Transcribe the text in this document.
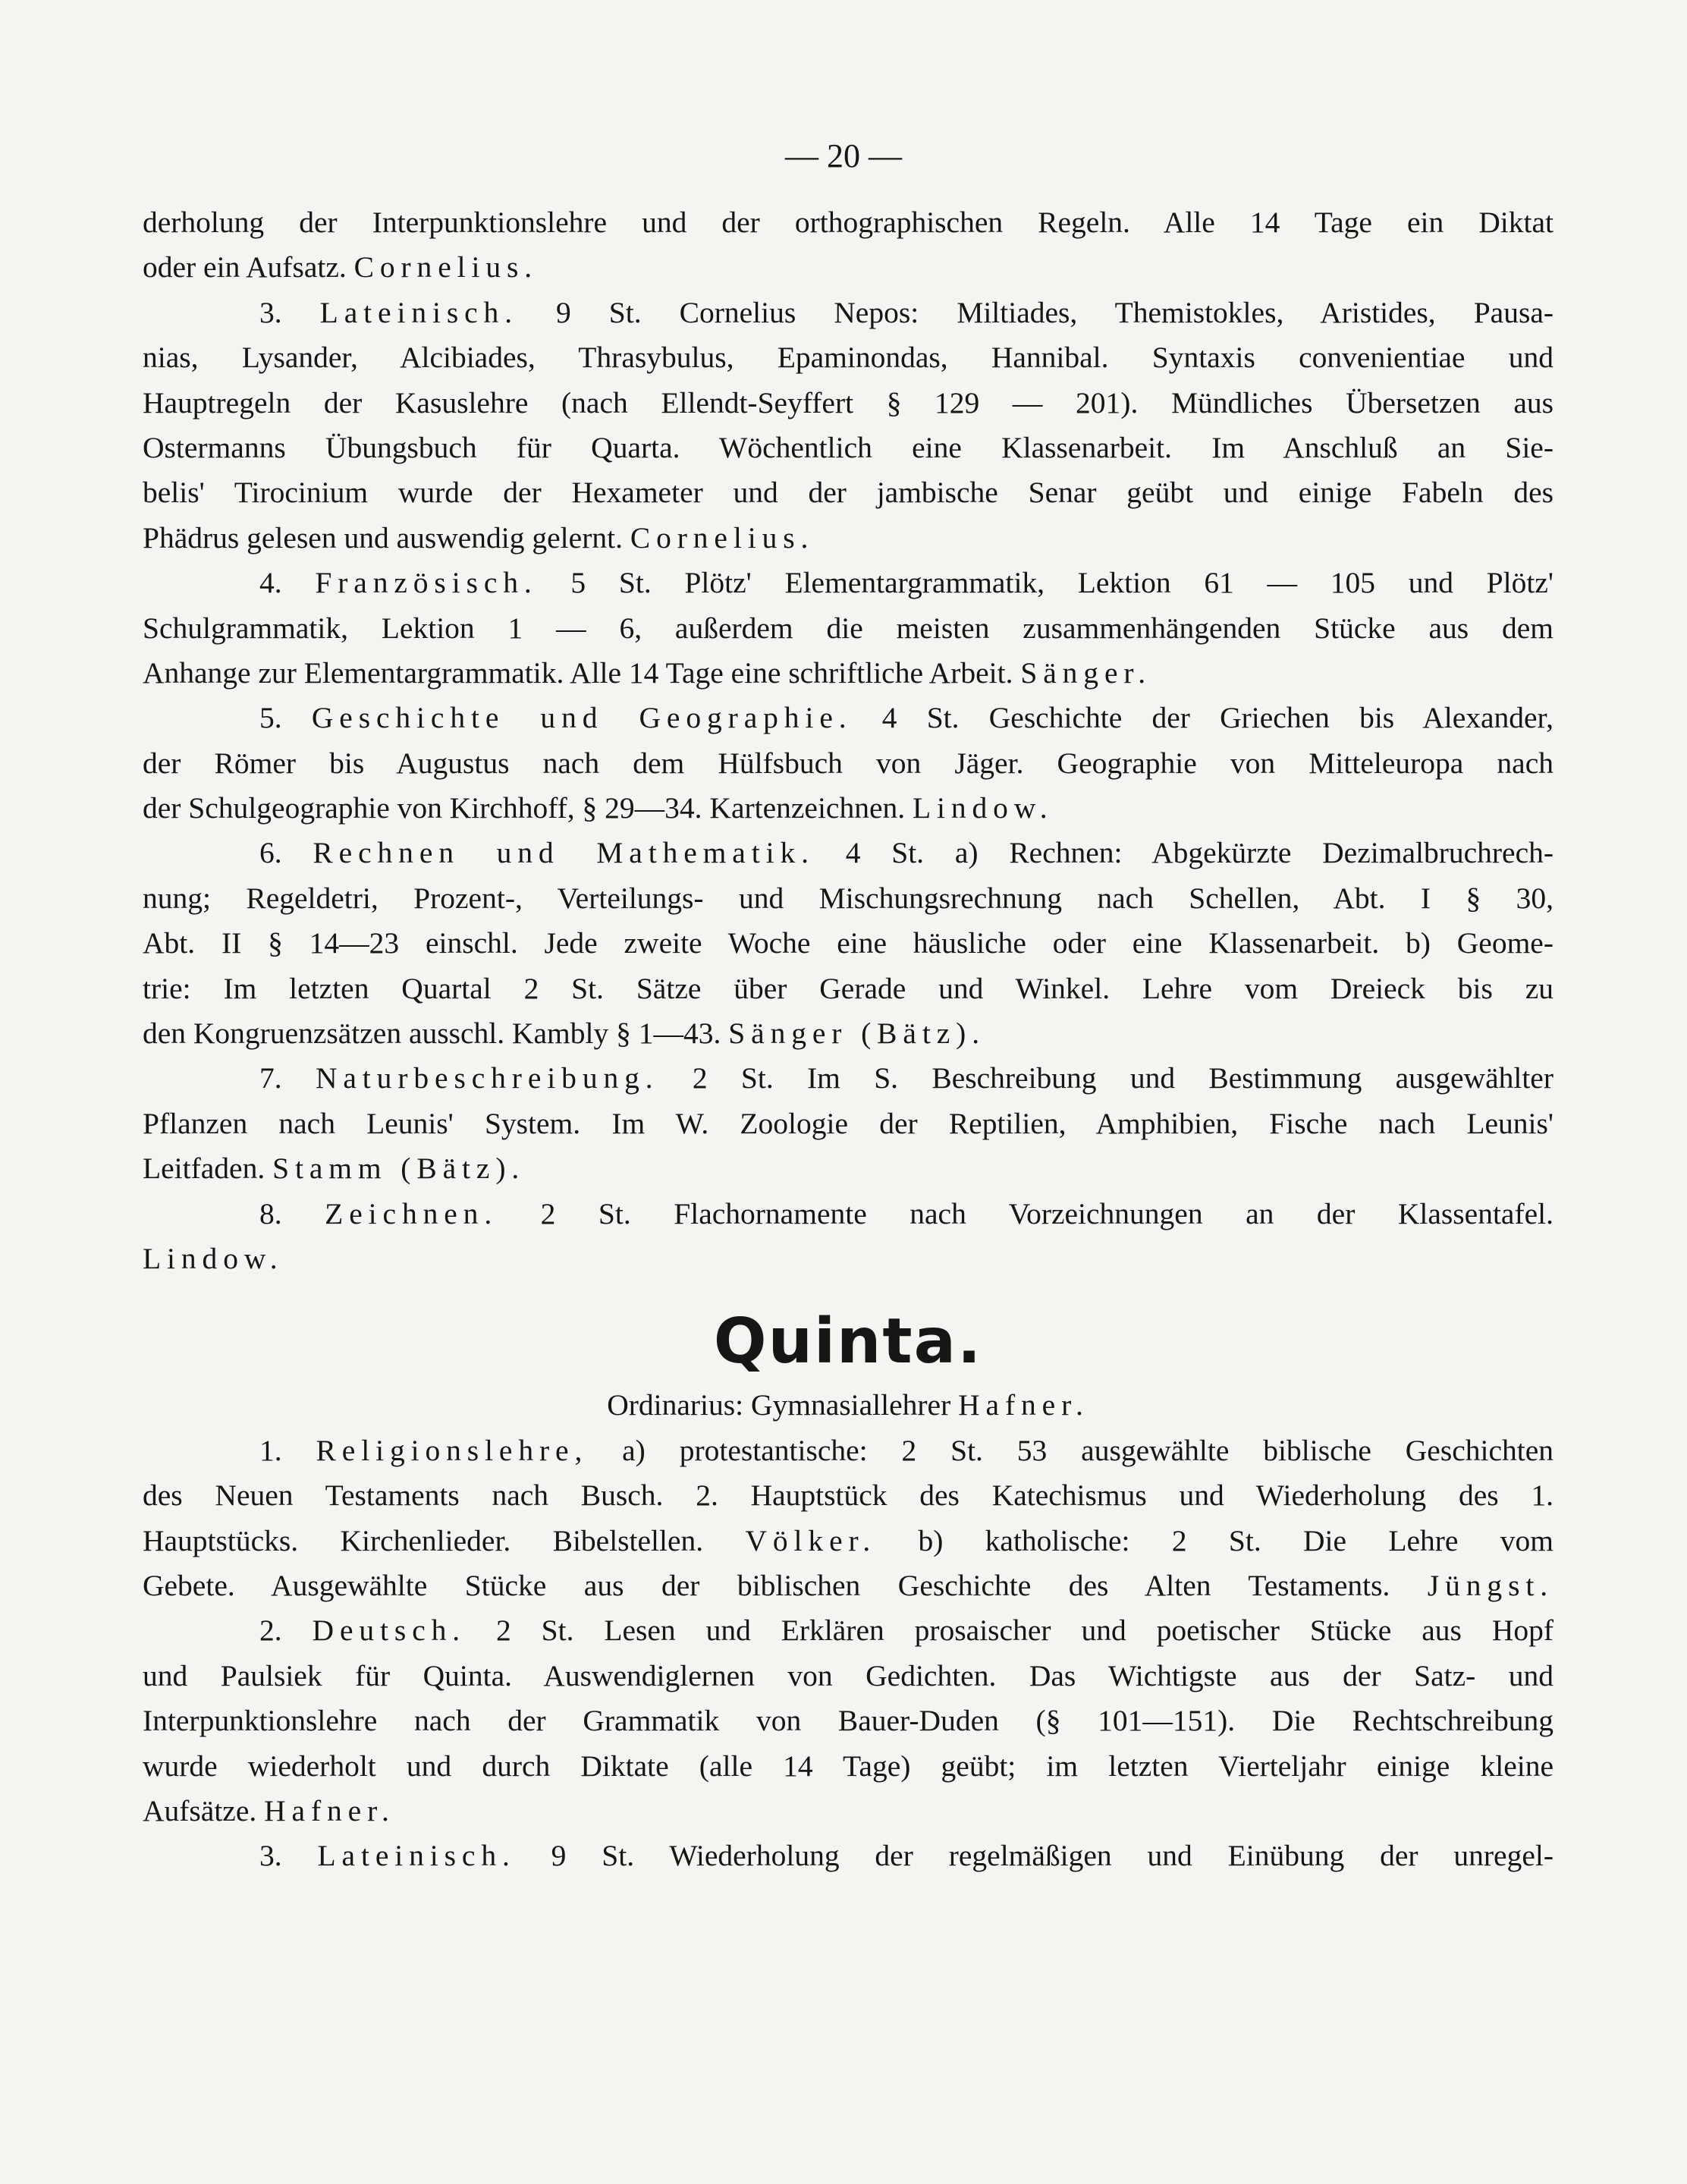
— 20 —
derholung der Interpunktionslehre und der orthographischen Regeln. Alle 14 Tage ein Diktat
oder ein Aufsatz. Cornelius.
3. Lateinisch. 9 St. Cornelius Nepos: Miltiades, Themistokles, Aristides, Pausa-
nias, Lysander, Alcibiades, Thrasybulus, Epaminondas, Hannibal. Syntaxis convenientiae und
Hauptregeln der Kasuslehre (nach Ellendt-Seyffert § 129 — 201). Mündliches Übersetzen aus
Ostermanns Übungsbuch für Quarta. Wöchentlich eine Klassenarbeit. Im Anschluß an Sie-
belis' Tirocinium wurde der Hexameter und der jambische Senar geübt und einige Fabeln des
Phädrus gelesen und auswendig gelernt. Cornelius.
4. Französisch. 5 St. Plötz' Elementargrammatik, Lektion 61 — 105 und Plötz'
Schulgrammatik, Lektion 1 — 6, außerdem die meisten zusammenhängenden Stücke aus dem
Anhange zur Elementargrammatik. Alle 14 Tage eine schriftliche Arbeit. Sänger.
5. Geschichte und Geographie. 4 St. Geschichte der Griechen bis Alexander,
der Römer bis Augustus nach dem Hülfsbuch von Jäger. Geographie von Mitteleuropa nach
der Schulgeographie von Kirchhoff, § 29—34. Kartenzeichnen. Lindow.
6. Rechnen und Mathematik. 4 St. a) Rechnen: Abgekürzte Dezimalbruchrech-
nung; Regeldetri, Prozent-, Verteilungs- und Mischungsrechnung nach Schellen, Abt. I § 30,
Abt. II § 14—23 einschl. Jede zweite Woche eine häusliche oder eine Klassenarbeit. b) Geome-
trie: Im letzten Quartal 2 St. Sätze über Gerade und Winkel. Lehre vom Dreieck bis zu
den Kongruenzsätzen ausschl. Kambly § 1—43. Sänger (Bätz).
7. Naturbeschreibung. 2 St. Im S. Beschreibung und Bestimmung ausgewählter
Pflanzen nach Leunis' System. Im W. Zoologie der Reptilien, Amphibien, Fische nach Leunis'
Leitfaden. Stamm (Bätz).
8. Zeichnen. 2 St. Flachornamente nach Vorzeichnungen an der Klassentafel.
Lindow.
Quinta.
Ordinarius: Gymnasiallehrer Hafner.
1. Religionslehre, a) protestantische: 2 St. 53 ausgewählte biblische Geschichten
des Neuen Testaments nach Busch. 2. Hauptstück des Katechismus und Wiederholung des 1.
Hauptstücks. Kirchenlieder. Bibelstellen. Völker. b) katholische: 2 St. Die Lehre vom
Gebete. Ausgewählte Stücke aus der biblischen Geschichte des Alten Testaments. Jüngst.
2. Deutsch. 2 St. Lesen und Erklären prosaischer und poetischer Stücke aus Hopf
und Paulsiek für Quinta. Auswendiglernen von Gedichten. Das Wichtigste aus der Satz- und
Interpunktionslehre nach der Grammatik von Bauer-Duden (§ 101—151). Die Rechtschreibung
wurde wiederholt und durch Diktate (alle 14 Tage) geübt; im letzten Vierteljahr einige kleine
Aufsätze. Hafner.
3. Lateinisch. 9 St. Wiederholung der regelmäßigen und Einübung der unregel-
